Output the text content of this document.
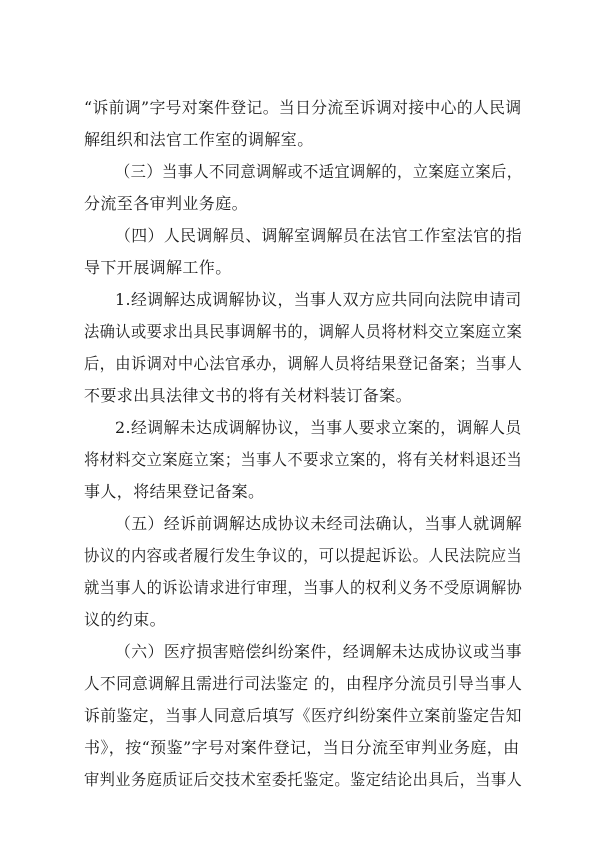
“诉前调”字号对案件登记。当日分流至诉调对接中心的人民调
解组织和法官工作室的调解室。
（三）当事人不同意调解或不适宜调解的，立案庭立案后，
分流至各审判业务庭。
（四）人民调解员、调解室调解员在法官工作室法官的指
导下开展调解工作。
1.经调解达成调解协议，当事人双方应共同向法院申请司
法确认或要求出具民事调解书的，调解人员将材料交立案庭立案
后，由诉调对中心法官承办，调解人员将结果登记备案；当事人
不要求出具法律文书的将有关材料装订备案。
2.经调解未达成调解协议，当事人要求立案的，调解人员
将材料交立案庭立案；当事人不要求立案的，将有关材料退还当
事人，将结果登记备案。
（五）经诉前调解达成协议未经司法确认，当事人就调解
协议的内容或者履行发生争议的，可以提起诉讼。人民法院应当
就当事人的诉讼请求进行审理，当事人的权利义务不受原调解协
议的约束。
（六）医疗损害赔偿纠纷案件，经调解未达成协议或当事
人不同意调解且需进行司法鉴定 的，由程序分流员引导当事人
诉前鉴定，当事人同意后填写《医疗纠纷案件立案前鉴定告知
书》，按“预鉴”字号对案件登记，当日分流至审判业务庭，由
审判业务庭质证后交技术室委托鉴定。鉴定结论出具后，当事人
